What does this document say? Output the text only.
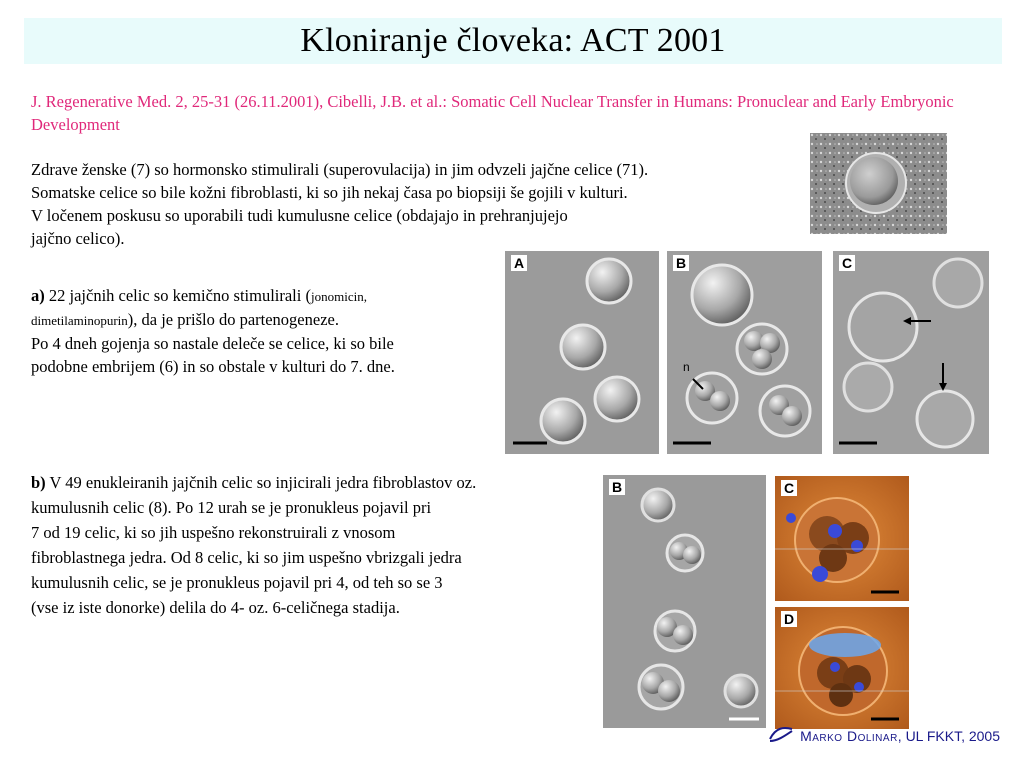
Kloniranje človeka: ACT 2001
J. Regenerative Med. 2, 25-31 (26.11.2001), Cibelli, J.B. et al.: Somatic Cell Nuclear Transfer in Humans: Pronuclear and Early Embryonic Development
Zdrave ženske (7) so hormonsko stimulirali (superovulacija) in jim odvzeli jajčne celice (71).
Somatske celice so bile kožni fibroblasti, ki so jih nekaj časa po biopsiji še gojili v kulturi.
V ločenem poskusu so uporabili tudi kumulusne celice (obdajajo in prehranjujejo
jajčno celico).
a) 22 jajčnih celic so kemično stimulirali (jonomicin,
dimetilaminopurin), da je prišlo do partenogeneze.
Po 4 dneh gojenja so nastale deleče se celice, ki so bile
podobne embrijem (6) in so obstale v kulturi do 7. dne.
A
n
B	C
b) V 49 enukleiranih jajčnih celic so injicirali jedra fibroblastov oz.
kumulusnih celic (8). Po 12 urah se je pronukleus pojavil pri
7 od 19 celic, ki so jih uspešno rekonstruirali z vnosom
fibroblastnega jedra. Od 8 celic, ki so jim uspešno vbrizgali jedra
kumulusnih celic, se je pronukleus pojavil pri 4, od teh so se 3
(vse iz iste donorke) delila do 4- oz. 6-celičnega stadija.
B	C
D
Marko Dolinar, UL FKKT, 2005
